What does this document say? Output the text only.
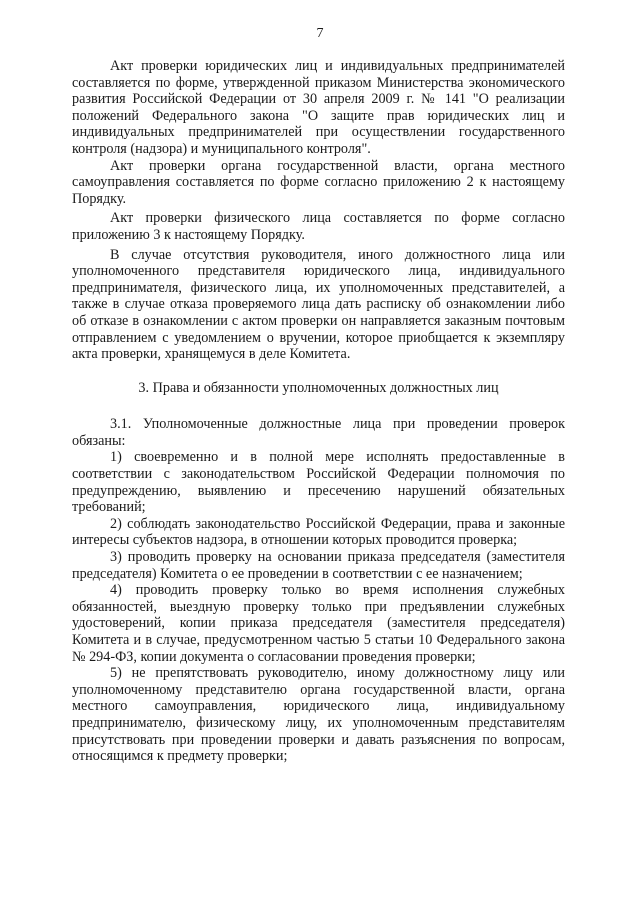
7

Акт проверки юридических лиц и индивидуальных предпринимателей составляется по форме, утвержденной приказом Министерства экономического развития Российской Федерации от 30 апреля 2009 г. № 141 "О реализации положений Федерального закона "О защите прав юридических лиц и индивидуальных предпринимателей при осуществлении государственного контроля (надзора) и муниципального контроля".

Акт проверки органа государственной власти, органа местного самоуправления составляется по форме согласно приложению 2 к настоящему Порядку.

Акт проверки физического лица составляется по форме согласно приложению 3 к настоящему Порядку.

В случае отсутствия руководителя, иного должностного лица или уполномоченного представителя юридического лица, индивидуального предпринимателя, физического лица, их уполномоченных представителей, а также в случае отказа проверяемого лица дать расписку об ознакомлении либо об отказе в ознакомлении с актом проверки он направляется заказным почтовым отправлением с уведомлением о вручении, которое приобщается к экземпляру акта проверки, хранящемуся в деле Комитета.

3. Права и обязанности уполномоченных должностных лиц

3.1. Уполномоченные должностные лица при проведении проверок обязаны:

1) своевременно и в полной мере исполнять предоставленные в соответствии с законодательством Российской Федерации полномочия по предупреждению, выявлению и пресечению нарушений обязательных требований;

2) соблюдать законодательство Российской Федерации, права и законные интересы субъектов надзора, в отношении которых проводится проверка;

3) проводить проверку на основании приказа председателя (заместителя председателя) Комитета о ее проведении в соответствии с ее назначением;

4) проводить проверку только во время исполнения служебных обязанностей, выездную проверку только при предъявлении служебных удостоверений, копии приказа председателя (заместителя председателя) Комитета и в случае, предусмотренном частью 5 статьи 10 Федерального закона № 294-ФЗ, копии документа о согласовании проведения проверки;

5) не препятствовать руководителю, иному должностному лицу или уполномоченному представителю органа государственной власти, органа местного самоуправления, юридического лица, индивидуальному предпринимателю, физическому лицу, их уполномоченным представителям присутствовать при проведении проверки и давать разъяснения по вопросам, относящимся к предмету проверки;
